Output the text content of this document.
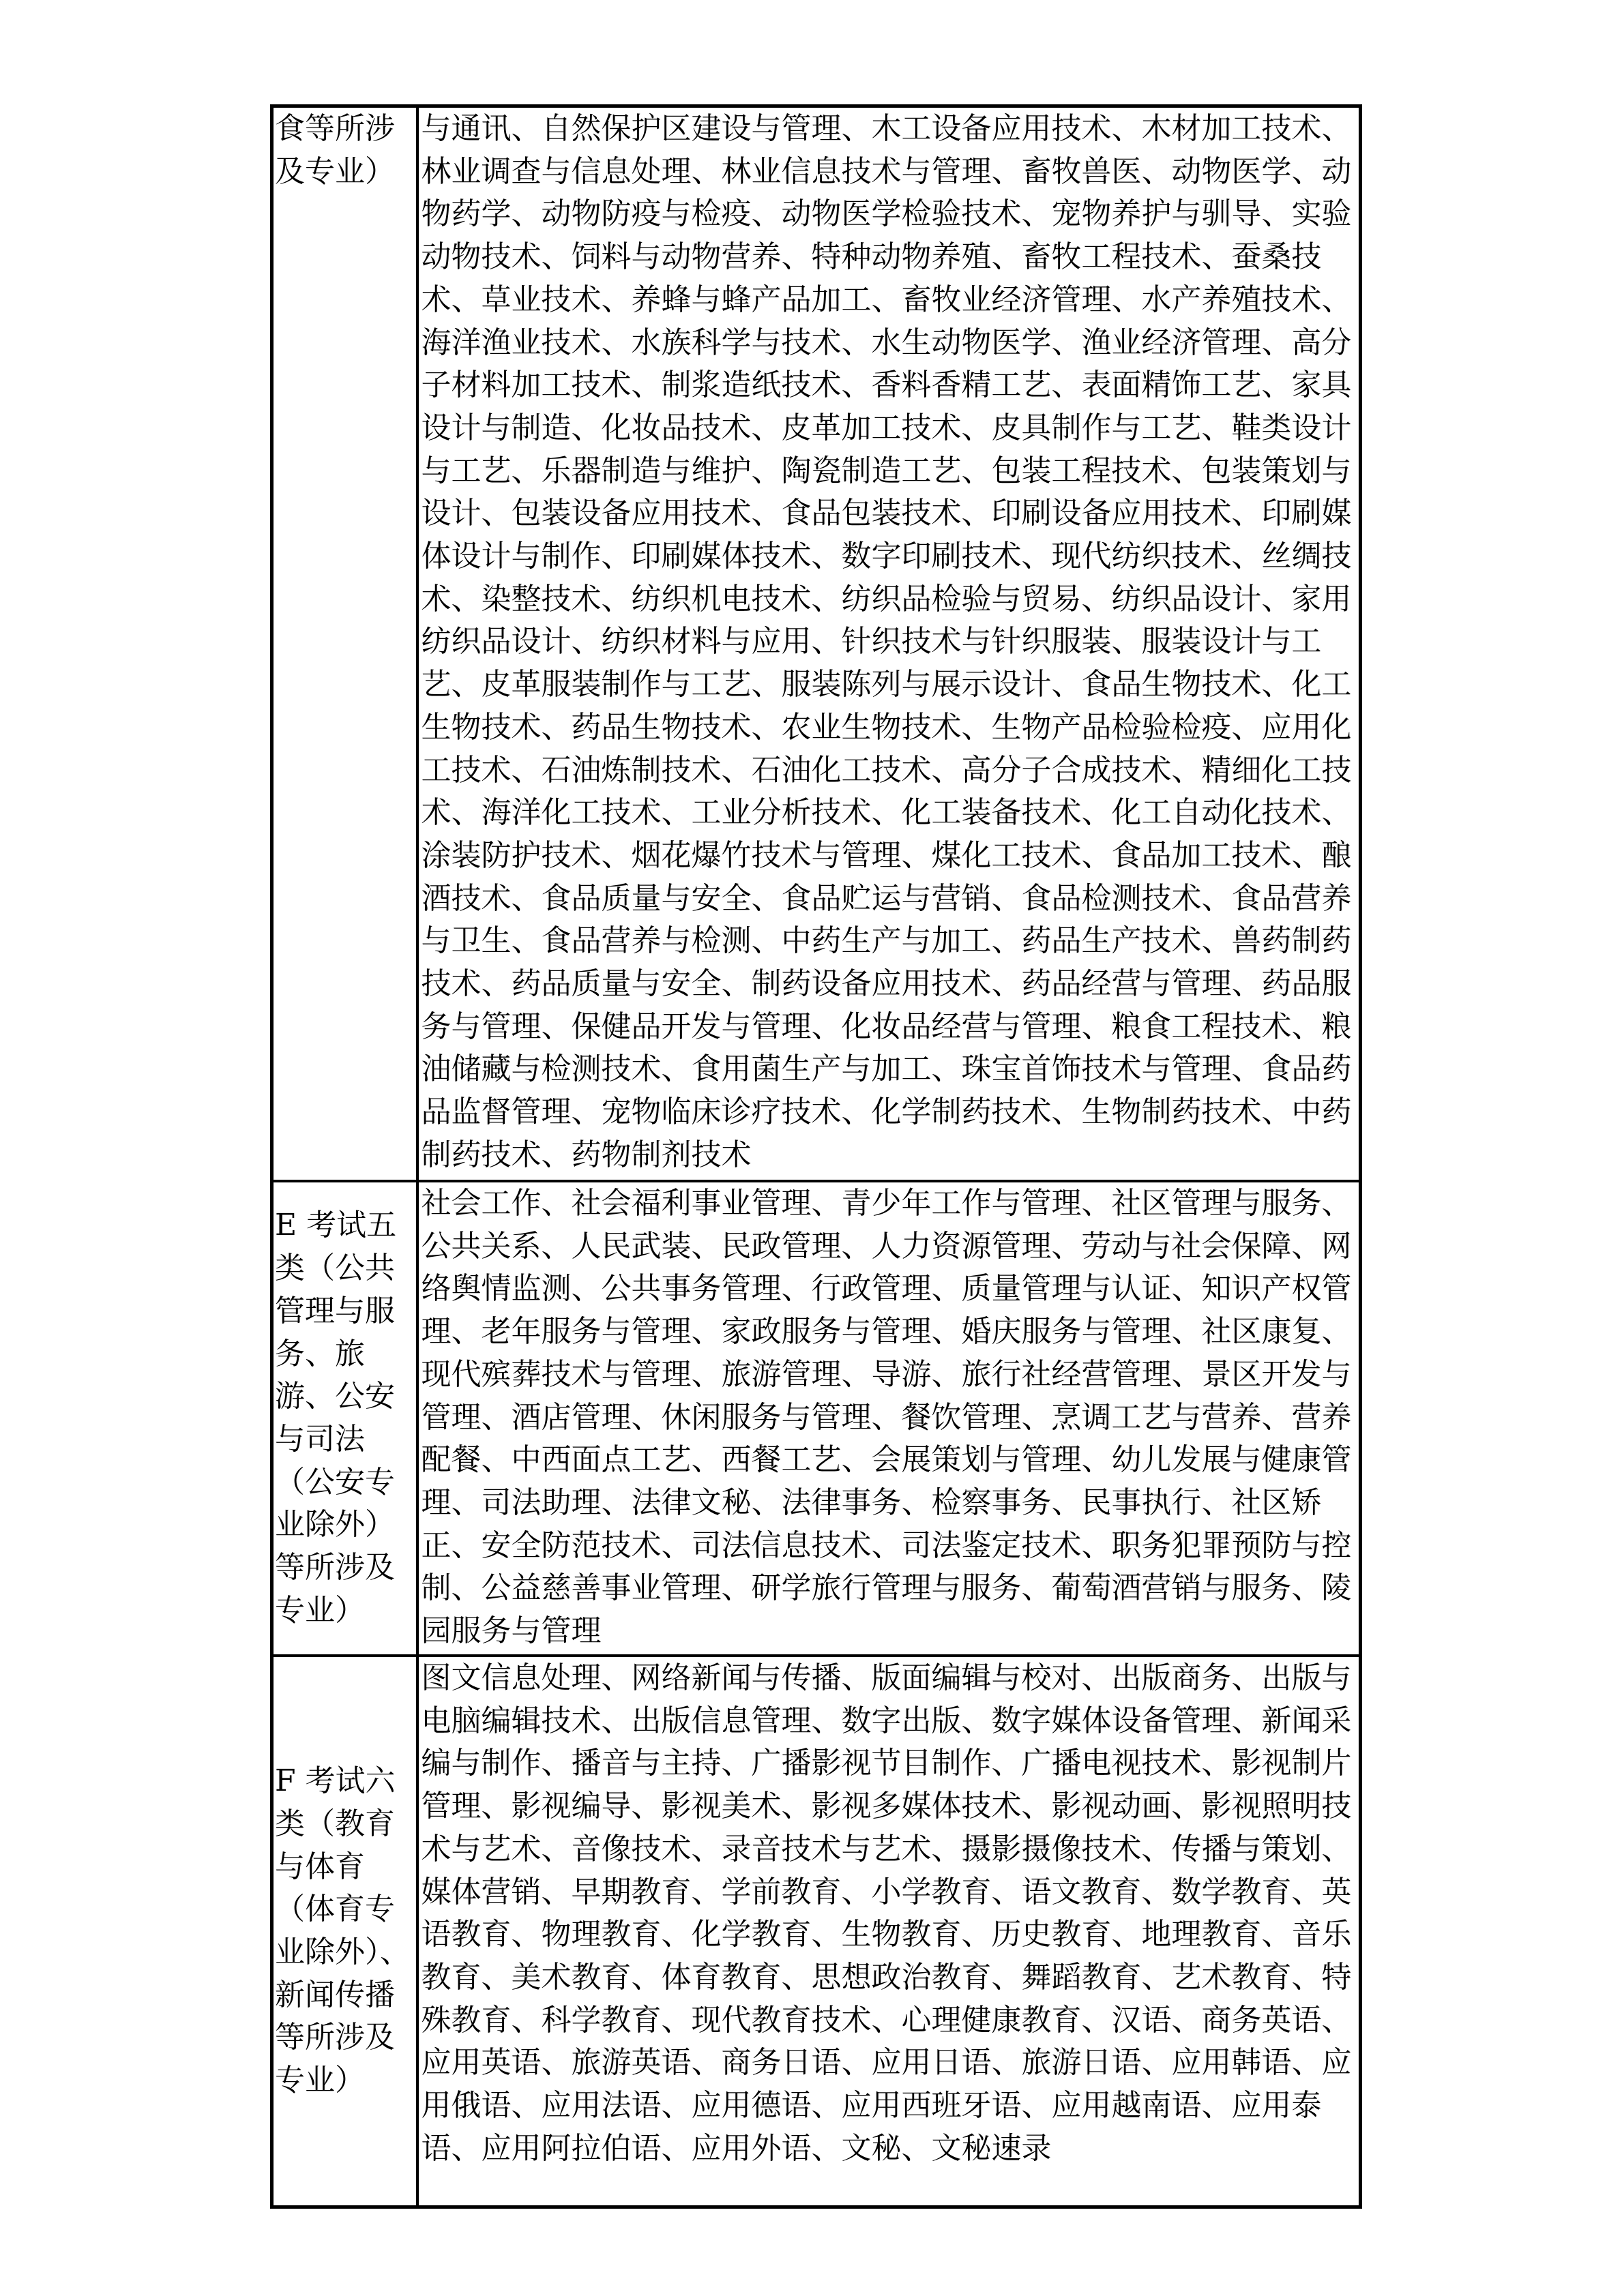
食等所涉及专业）	与通讯、自然保护区建设与管理、木工设备应用技术、木材加工技术、林业调查与信息处理、林业信息技术与管理、畜牧兽医、动物医学、动物药学、动物防疫与检疫、动物医学检验技术、宠物养护与驯导、实验动物技术、饲料与动物营养、特种动物养殖、畜牧工程技术、蚕桑技术、草业技术、养蜂与蜂产品加工、畜牧业经济管理、水产养殖技术、海洋渔业技术、水族科学与技术、水生动物医学、渔业经济管理、高分子材料加工技术、制浆造纸技术、香料香精工艺、表面精饰工艺、家具设计与制造、化妆品技术、皮革加工技术、皮具制作与工艺、鞋类设计与工艺、乐器制造与维护、陶瓷制造工艺、包装工程技术、包装策划与设计、包装设备应用技术、食品包装技术、印刷设备应用技术、印刷媒体设计与制作、印刷媒体技术、数字印刷技术、现代纺织技术、丝绸技术、染整技术、纺织机电技术、纺织品检验与贸易、纺织品设计、家用纺织品设计、纺织材料与应用、针织技术与针织服装、服装设计与工艺、皮革服装制作与工艺、服装陈列与展示设计、食品生物技术、化工生物技术、药品生物技术、农业生物技术、生物产品检验检疫、应用化工技术、石油炼制技术、石油化工技术、高分子合成技术、精细化工技术、海洋化工技术、工业分析技术、化工装备技术、化工自动化技术、涂装防护技术、烟花爆竹技术与管理、煤化工技术、食品加工技术、酿酒技术、食品质量与安全、食品贮运与营销、食品检测技术、食品营养与卫生、食品营养与检测、中药生产与加工、药品生产技术、兽药制药技术、药品质量与安全、制药设备应用技术、药品经营与管理、药品服务与管理、保健品开发与管理、化妆品经营与管理、粮食工程技术、粮油储藏与检测技术、食用菌生产与加工、珠宝首饰技术与管理、食品药品监督管理、宠物临床诊疗技术、化学制药技术、生物制药技术、中药制药技术、药物制剂技术

E 考试五类（公共管理与服务、旅游、公安与司法（公安专业除外）等所涉及专业）	社会工作、社会福利事业管理、青少年工作与管理、社区管理与服务、公共关系、人民武装、民政管理、人力资源管理、劳动与社会保障、网络舆情监测、公共事务管理、行政管理、质量管理与认证、知识产权管理、老年服务与管理、家政服务与管理、婚庆服务与管理、社区康复、现代殡葬技术与管理、旅游管理、导游、旅行社经营管理、景区开发与管理、酒店管理、休闲服务与管理、餐饮管理、烹调工艺与营养、营养配餐、中西面点工艺、西餐工艺、会展策划与管理、幼儿发展与健康管理、司法助理、法律文秘、法律事务、检察事务、民事执行、社区矫正、安全防范技术、司法信息技术、司法鉴定技术、职务犯罪预防与控制、公益慈善事业管理、研学旅行管理与服务、葡萄酒营销与服务、陵园服务与管理

F 考试六类（教育与体育（体育专业除外）、新闻传播等所涉及专业）	图文信息处理、网络新闻与传播、版面编辑与校对、出版商务、出版与电脑编辑技术、出版信息管理、数字出版、数字媒体设备管理、新闻采编与制作、播音与主持、广播影视节目制作、广播电视技术、影视制片管理、影视编导、影视美术、影视多媒体技术、影视动画、影视照明技术与艺术、音像技术、录音技术与艺术、摄影摄像技术、传播与策划、媒体营销、早期教育、学前教育、小学教育、语文教育、数学教育、英语教育、物理教育、化学教育、生物教育、历史教育、地理教育、音乐教育、美术教育、体育教育、思想政治教育、舞蹈教育、艺术教育、特殊教育、科学教育、现代教育技术、心理健康教育、汉语、商务英语、应用英语、旅游英语、商务日语、应用日语、旅游日语、应用韩语、应用俄语、应用法语、应用德语、应用西班牙语、应用越南语、应用泰语、应用阿拉伯语、应用外语、文秘、文秘速录
